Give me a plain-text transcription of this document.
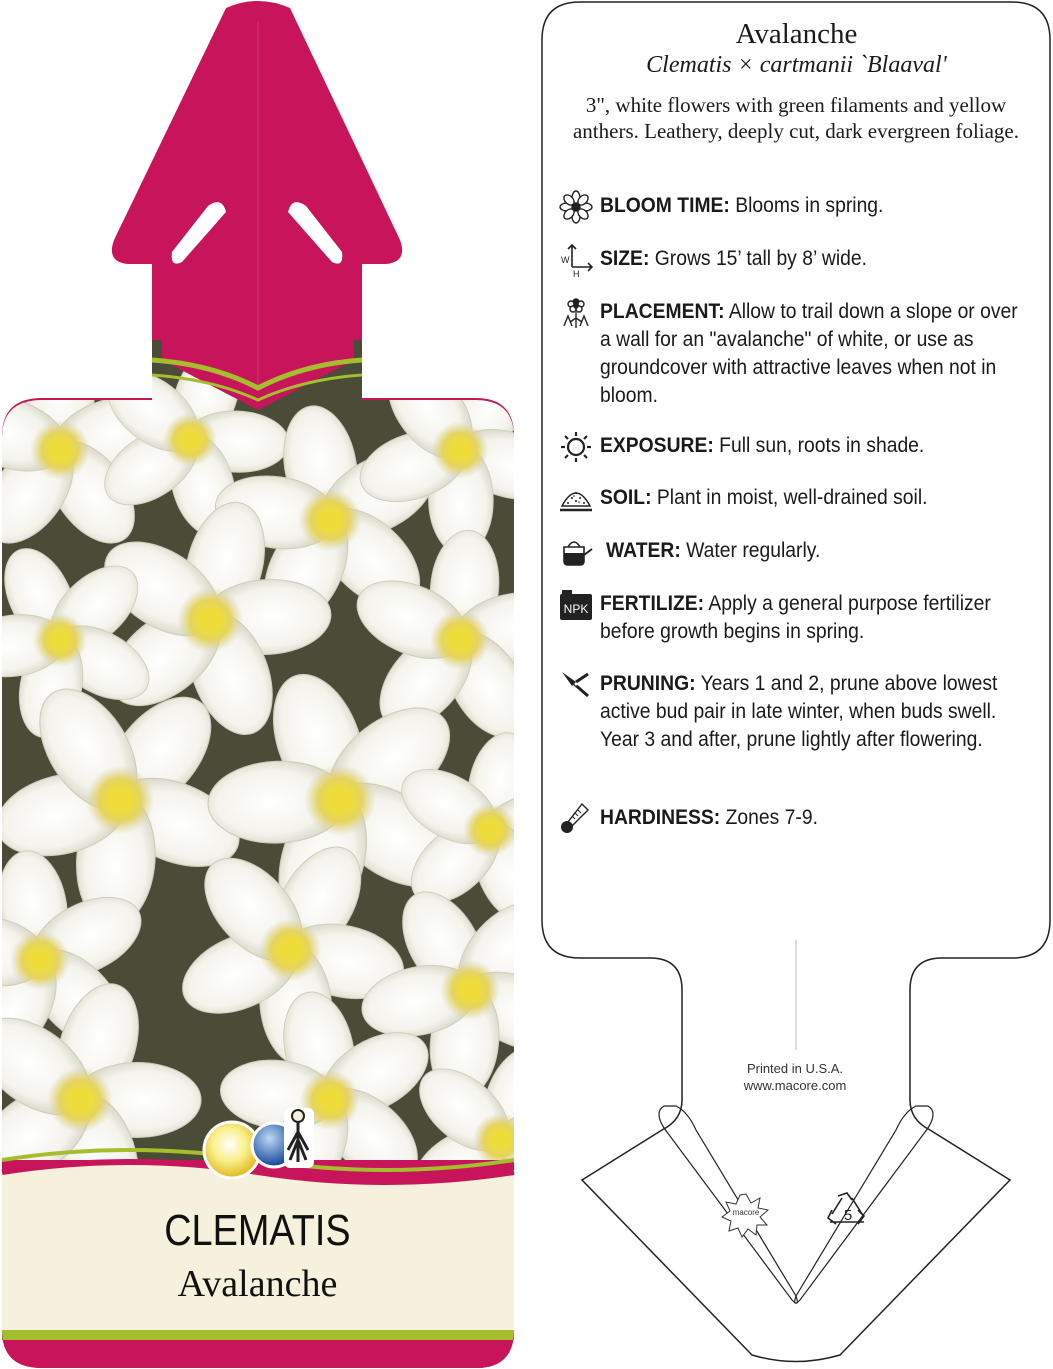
CLEMATIS
Avalanche
macore	5
Avalanche
Clematis × cartmanii `Blaaval'
3", white flowers with green filaments and yellow anthers. Leathery, deeply cut, dark evergreen foliage.
BLOOM TIME: Blooms in spring.
W
H
SIZE: Grows 15’ tall by 8’ wide.
PLACEMENT: Allow to trail down a slope or over a wall for an "avalanche" of white, or use as groundcover with attractive leaves when not in bloom.
EXPOSURE: Full sun, roots in shade.
SOIL: Plant in moist, well-drained soil.
WATER: Water regularly.
NPK FERTILIZE: Apply a general purpose fertilizer before growth begins in spring.
PRUNING: Years 1 and 2, prune above lowest active bud pair in late winter, when buds swell. Year 3 and after, prune lightly after flowering.
HARDINESS: Zones 7-9.
Printed in U.S.A.
www.macore.com
